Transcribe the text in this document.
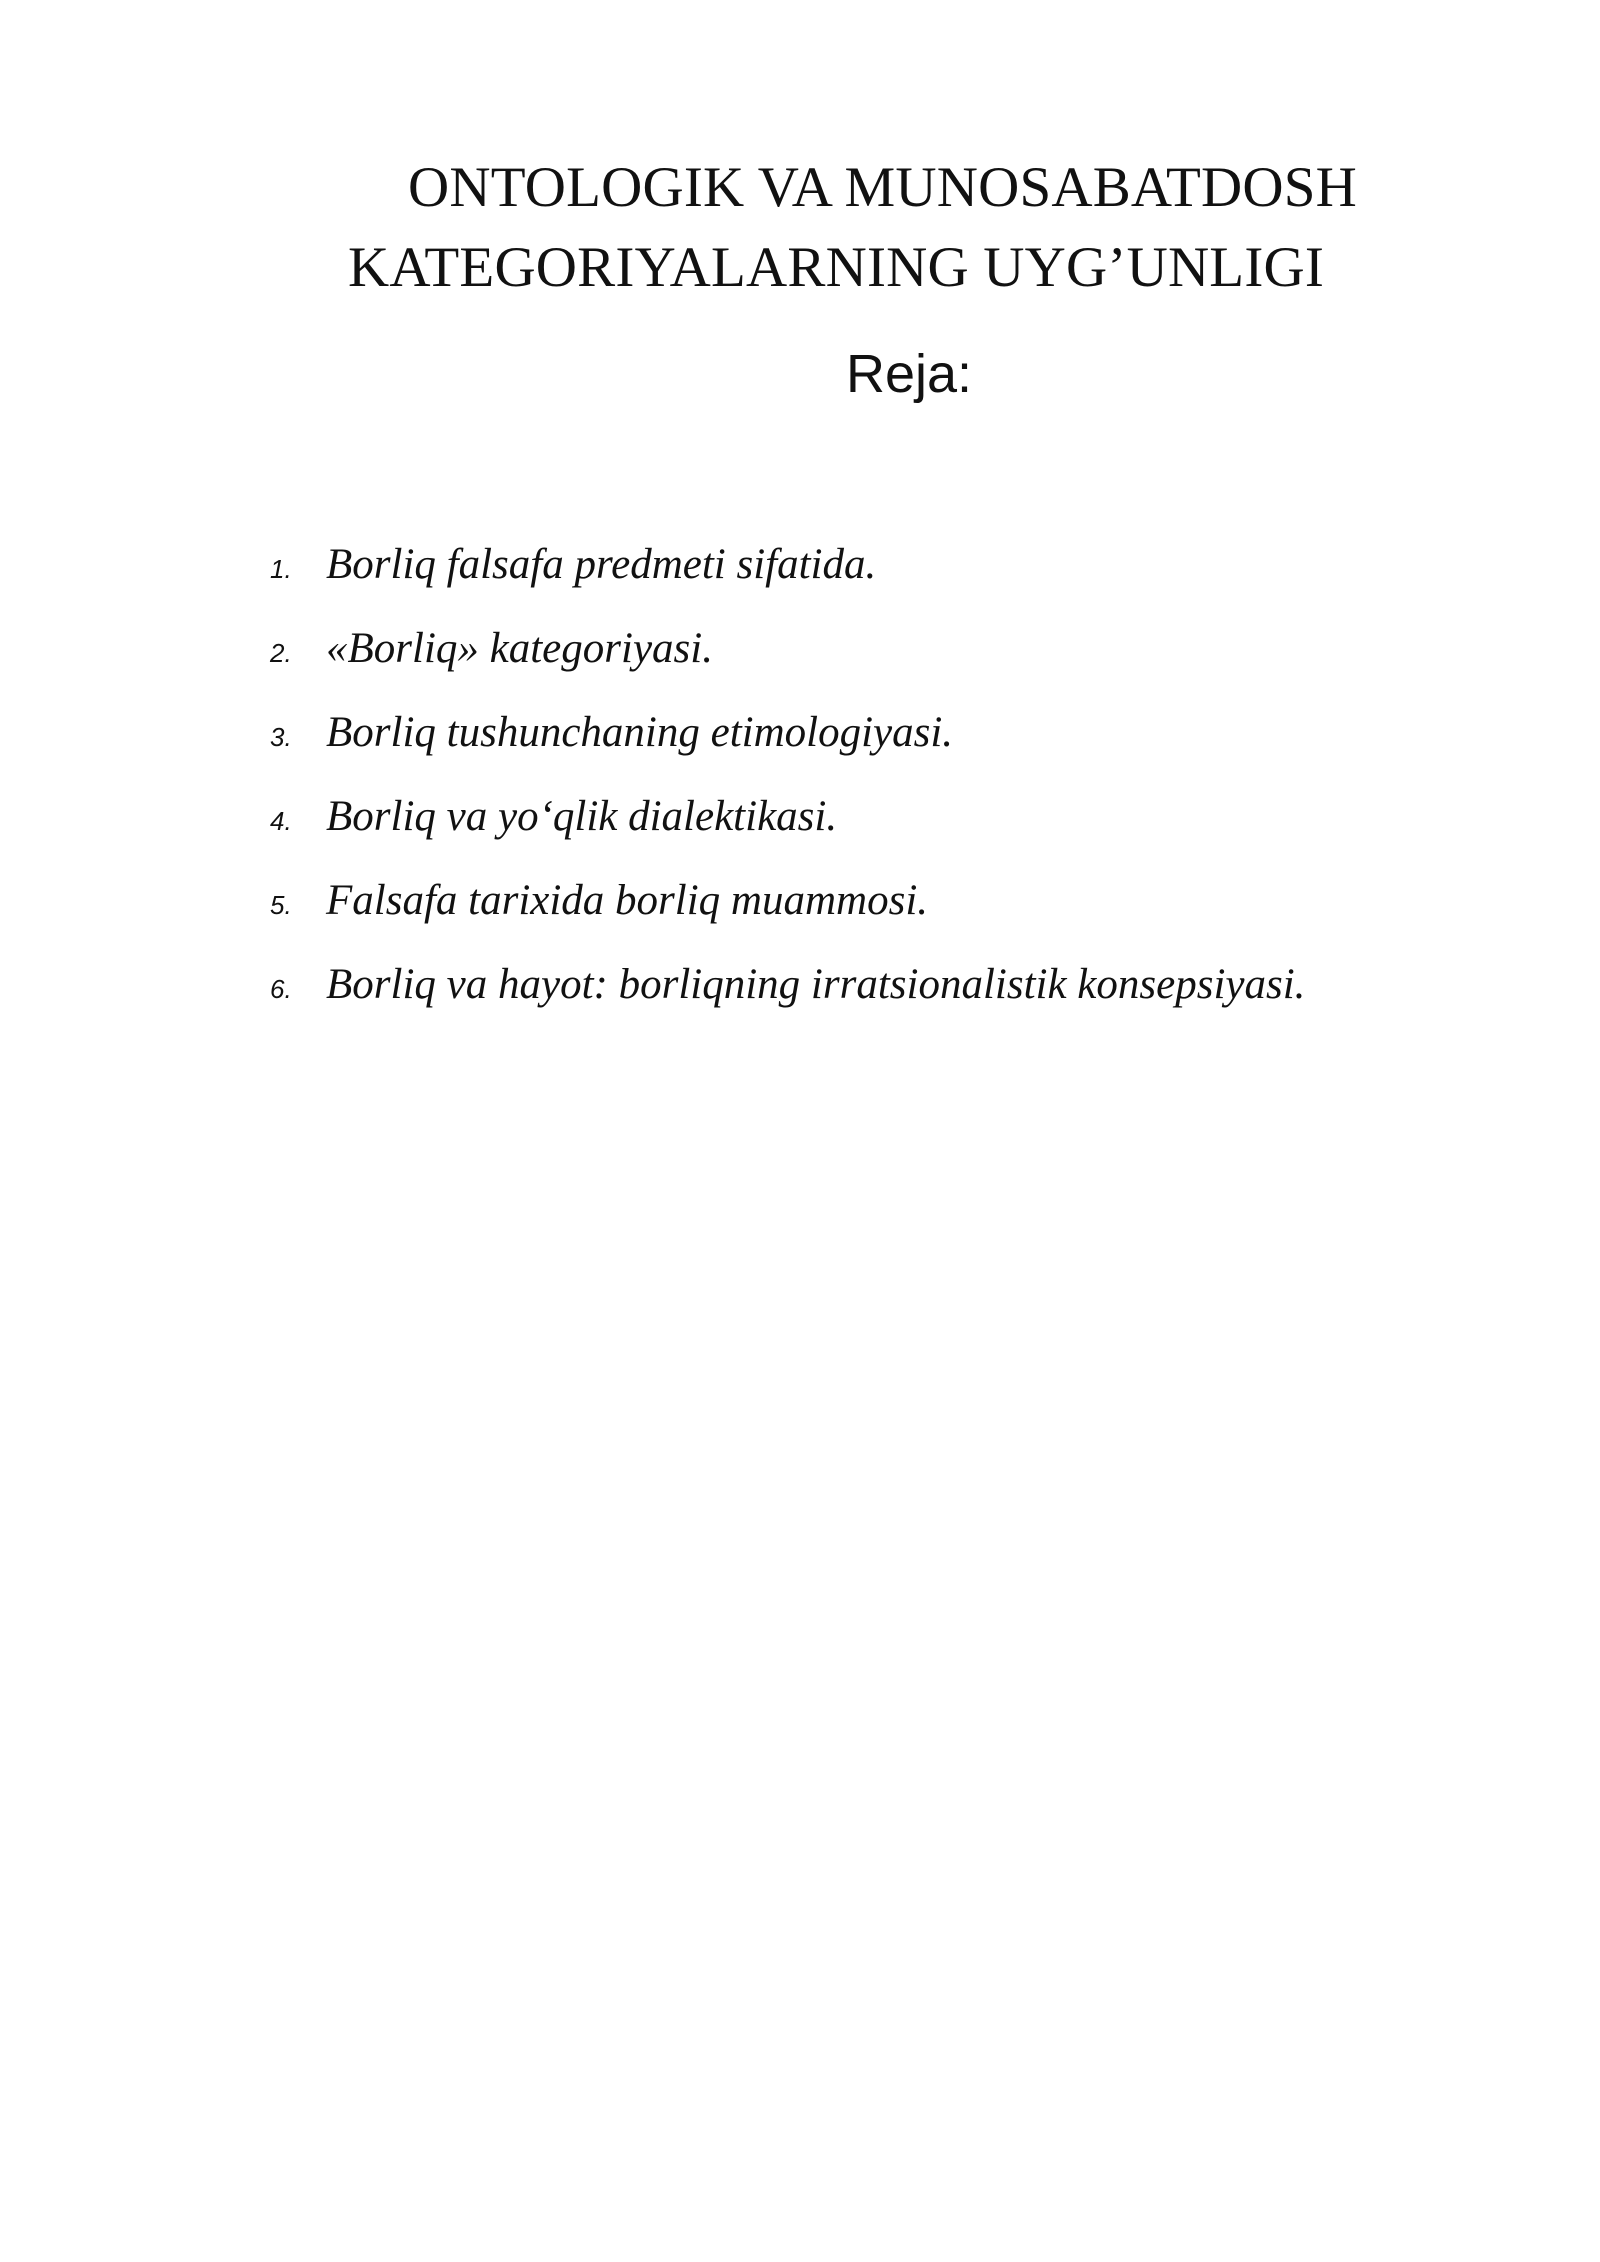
ONTOLOGIK VA MUNOSABATDOSH
KATEGORIYALARNING UYG’UNLIGI
Reja:
1. Borliq falsafa predmeti sifatida.
2. «Borliq» kategoriyasi.
3. Borliq tushunchaning etimologiyasi.
4. Borliq va yo‘qlik dialektikasi.
5. Falsafa tarixida borliq muammosi.
6. Borliq va hayot: borliqning irratsionalistik konsepsiyasi.
